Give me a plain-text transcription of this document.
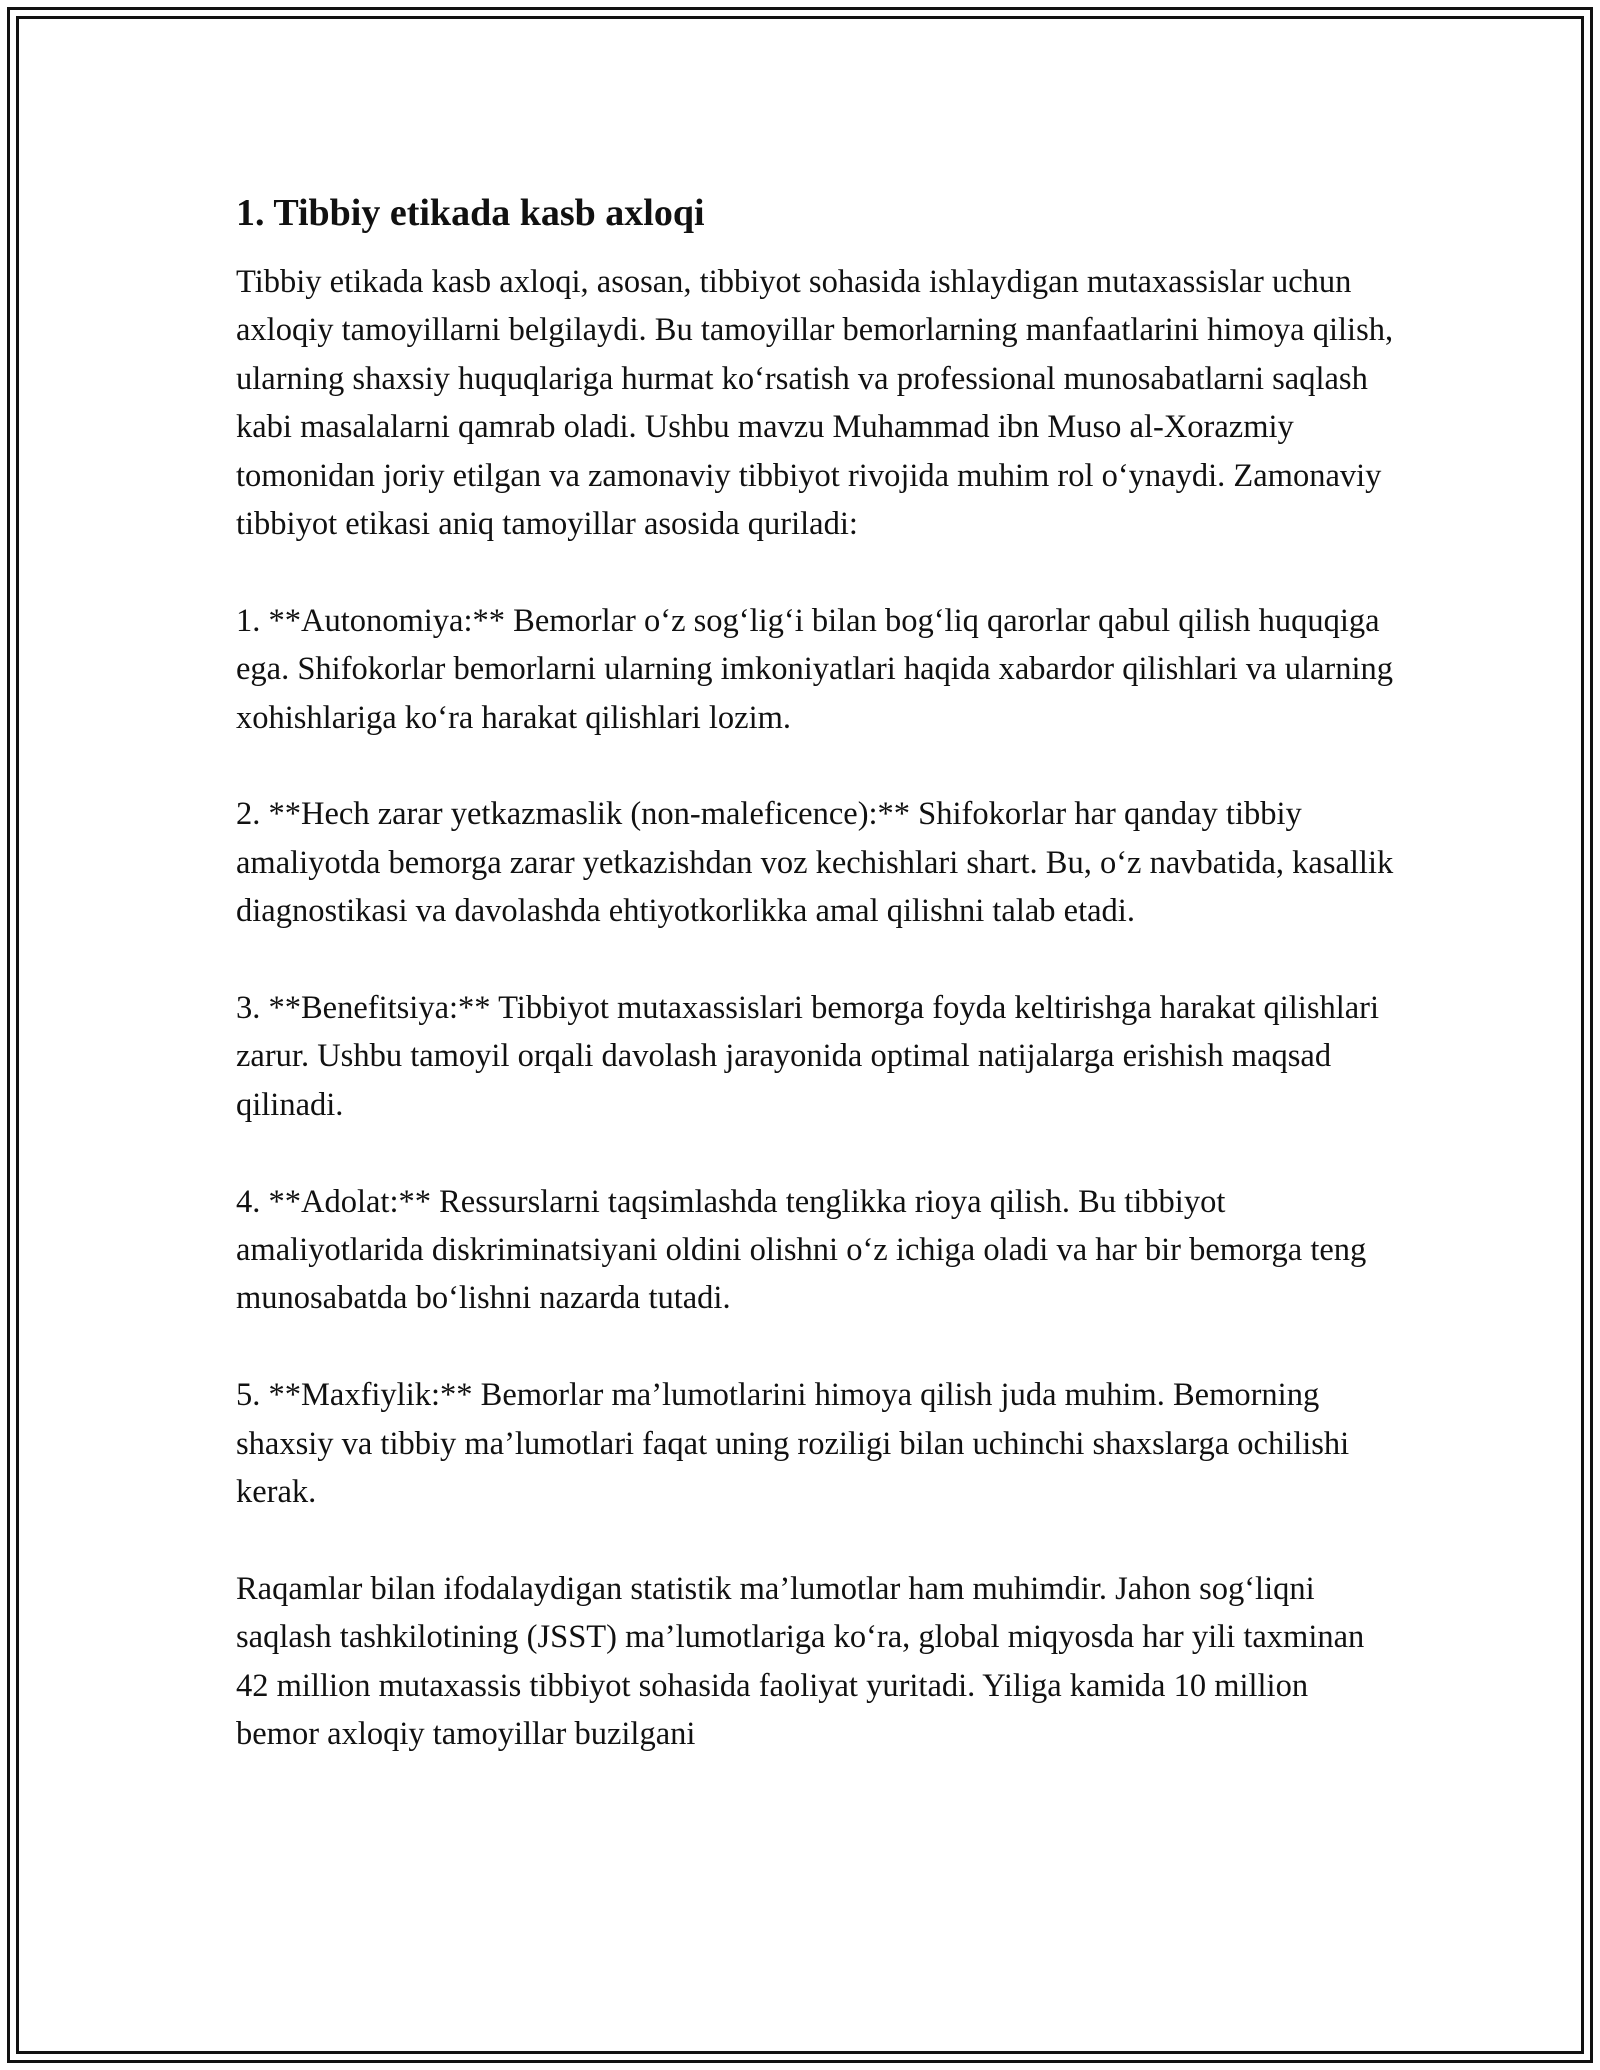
1. Tibbiy etikada kasb axloqi

Tibbiy etikada kasb axloqi, asosan, tibbiyot sohasida ishlaydigan mutaxassislar uchun axloqiy tamoyillarni belgilaydi. Bu tamoyillar bemorlarning manfaatlarini himoya qilish, ularning shaxsiy huquqlariga hurmat ko‘rsatish va professional munosabatlarni saqlash kabi masalalarni qamrab oladi. Ushbu mavzu Muhammad ibn Muso al-Xorazmiy tomonidan joriy etilgan va zamonaviy tibbiyot rivojida muhim rol o‘ynaydi. Zamonaviy tibbiyot etikasi aniq tamoyillar asosida quriladi:

1. **Autonomiya:** Bemorlar o‘z sog‘lig‘i bilan bog‘liq qarorlar qabul qilish huquqiga ega. Shifokorlar bemorlarni ularning imkoniyatlari haqida xabardor qilishlari va ularning xohishlariga ko‘ra harakat qilishlari lozim.

2. **Hech zarar yetkazmaslik (non-maleficence):** Shifokorlar har qanday tibbiy amaliyotda bemorga zarar yetkazishdan voz kechishlari shart. Bu, o‘z navbatida, kasallik diagnostikasi va davolashda ehtiyotkorlikka amal qilishni talab etadi.

3. **Benefitsiya:** Tibbiyot mutaxassislari bemorga foyda keltirishga harakat qilishlari zarur. Ushbu tamoyil orqali davolash jarayonida optimal natijalarga erishish maqsad qilinadi.

4. **Adolat:** Ressurslarni taqsimlashda tenglikka rioya qilish. Bu tibbiyot amaliyotlarida diskriminatsiyani oldini olishni o‘z ichiga oladi va har bir bemorga teng munosabatda bo‘lishni nazarda tutadi.

5. **Maxfiylik:** Bemorlar ma’lumotlarini himoya qilish juda muhim. Bemorning shaxsiy va tibbiy ma’lumotlari faqat uning roziligi bilan uchinchi shaxslarga ochilishi kerak.

Raqamlar bilan ifodalaydigan statistik ma’lumotlar ham muhimdir. Jahon sog‘liqni saqlash tashkilotining (JSST) ma’lumotlariga ko‘ra, global miqyosda har yili taxminan 42 million mutaxassis tibbiyot sohasida faoliyat yuritadi. Yiliga kamida 10 million bemor axloqiy tamoyillar buzilgani
